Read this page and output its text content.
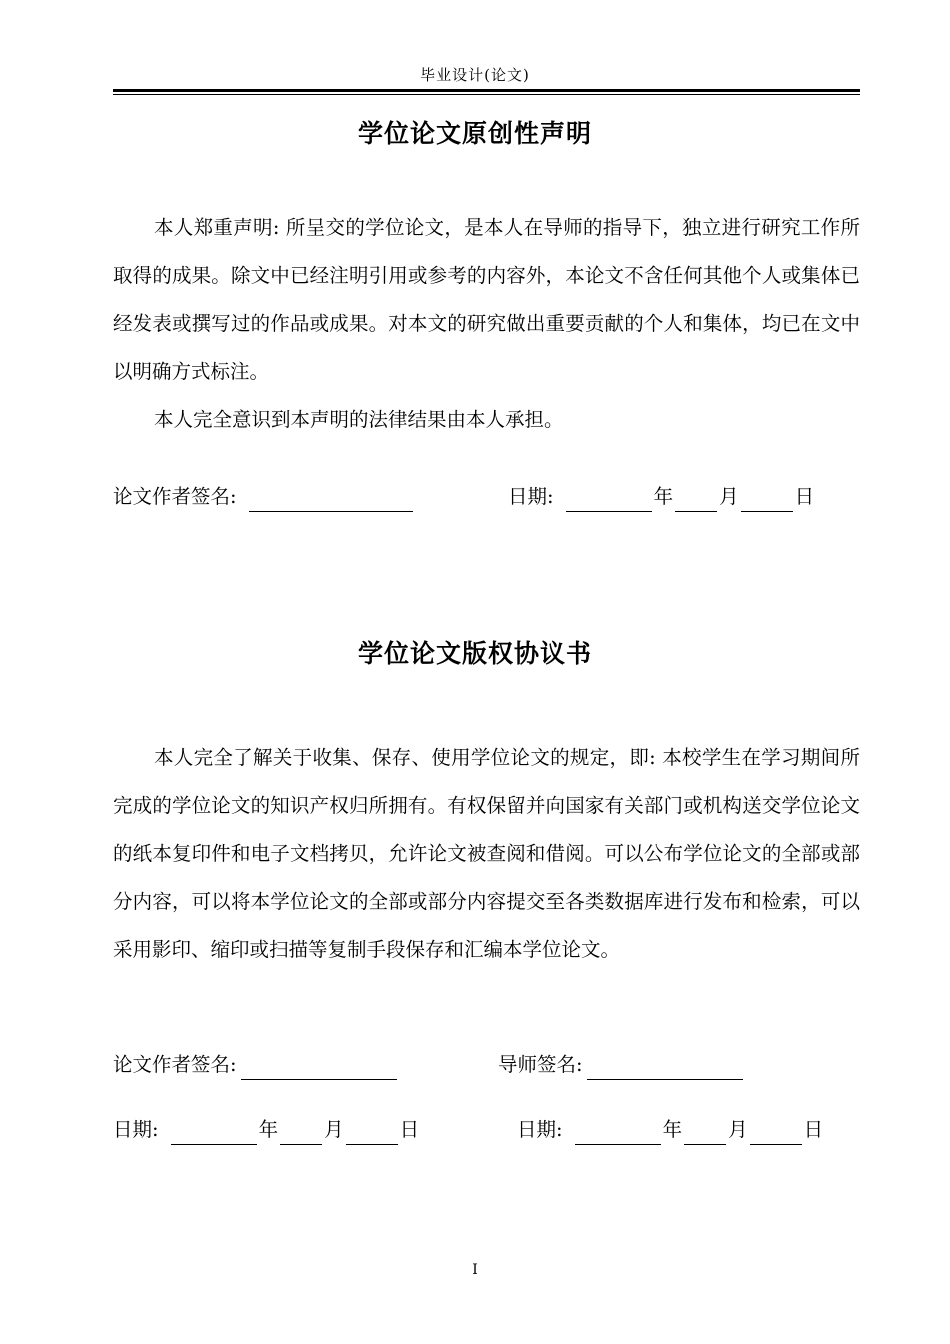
毕业设计(论文)
学位论文原创性声明

本人郑重声明: 所呈交的学位论文，是本人在导师的指导下，独立进行研究工作所取得的成果。除文中已经注明引用或参考的内容外，本论文不含任何其他个人或集体已经发表或撰写过的作品或成果。对本文的研究做出重要贡献的个人和集体，均已在文中以明确方式标注。

本人完全意识到本声明的法律结果由本人承担。

论文作者签名:	日期:	年 月	日
学位论文版权协议书

本人完全了解关于收集、保存、使用学位论文的规定，即: 本校学生在学习期间所完成的学位论文的知识产权归所拥有。有权保留并向国家有关部门或机构送交学位论文的纸本复印件和电子文档拷贝，允许论文被查阅和借阅。可以公布学位论文的全部或部分内容，可以将本学位论文的全部或部分内容提交至各类数据库进行发布和检索，可以采用影印、缩印或扫描等复制手段保存和汇编本学位论文。

论文作者签名:	导师签名:
日期:	年 月	日	日期:	年 月	日
I
